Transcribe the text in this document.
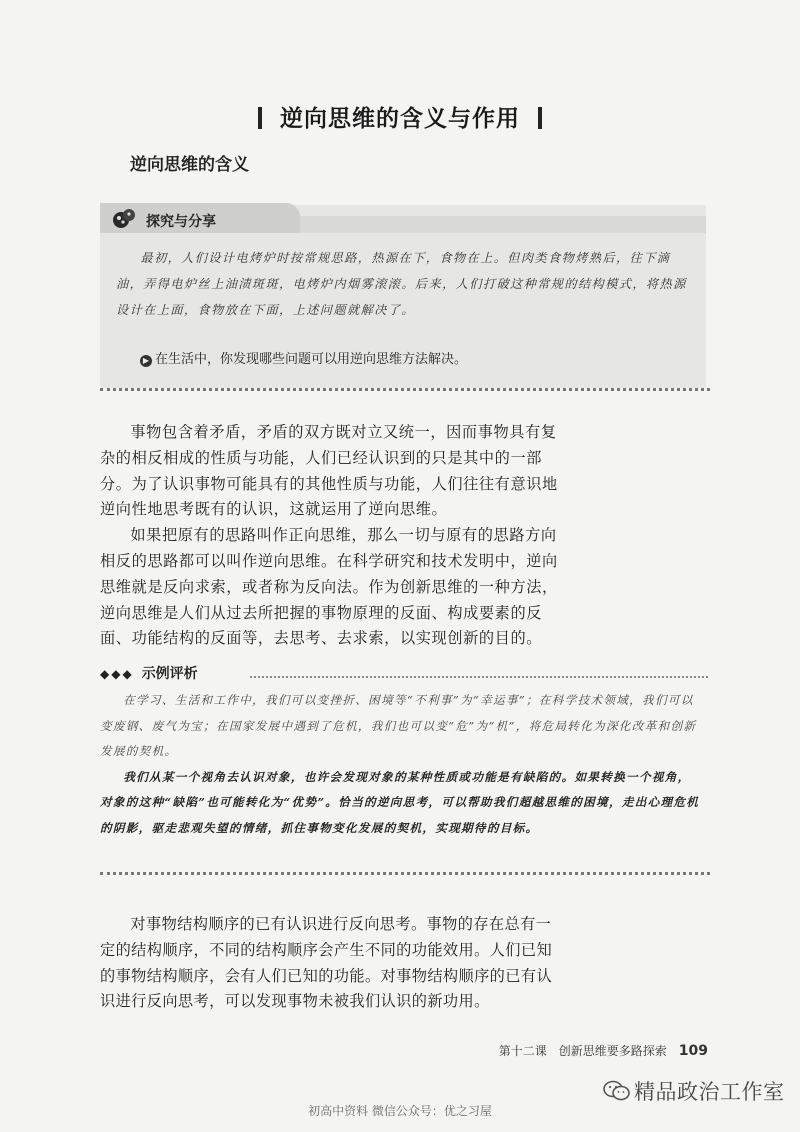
逆向思维的含义与作用
逆向思维的含义
探究与分享

最初，人们设计电烤炉时按常规思路，热源在下，食物在上。但肉类食物烤熟后，往下滴油，弄得电炉丝上油渍斑斑，电烤炉内烟雾滚滚。后来，人们打破这种常规的结构模式，将热源设计在上面，食物放在下面，上述问题就解决了。

▶ 在生活中，你发现哪些问题可以用逆向思维方法解决。

事物包含着矛盾，矛盾的双方既对立又统一，因而事物具有复杂的相反相成的性质与功能，人们已经认识到的只是其中的一部分。为了认识事物可能具有的其他性质与功能，人们往往有意识地逆向性地思考既有的认识，这就运用了逆向思维。

如果把原有的思路叫作正向思维，那么一切与原有的思路方向相反的思路都可以叫作逆向思维。在科学研究和技术发明中，逆向思维就是反向求索，或者称为反向法。作为创新思维的一种方法，逆向思维是人们从过去所把握的事物原理的反面、构成要素的反面、功能结构的反面等，去思考、去求索，以实现创新的目的。

◆◆◆ 示例评析

在学习、生活和工作中，我们可以变挫折、困境等“不利事”为“幸运事”；在科学技术领域，我们可以变废钢、废气为宝；在国家发展中遇到了危机，我们也可以变“危”为“机”，将危局转化为深化改革和创新发展的契机。

我们从某一个视角去认识对象，也许会发现对象的某种性质或功能是有缺陷的。如果转换一个视角，对象的这种“缺陷”也可能转化为“优势”。恰当的逆向思考，可以帮助我们超越思维的困境，走出心理危机的阴影，驱走悲观失望的情绪，抓住事物变化发展的契机，实现期待的目标。

对事物结构顺序的已有认识进行反向思考。事物的存在总有一定的结构顺序，不同的结构顺序会产生不同的功能效用。人们已知的事物结构顺序，会有人们已知的功能。对事物结构顺序的已有认识进行反向思考，可以发现事物未被我们认识的新功用。

第十二课　创新思维要多路探索 109
精品政治工作室
初高中资料 微信公众号：优之习屋
